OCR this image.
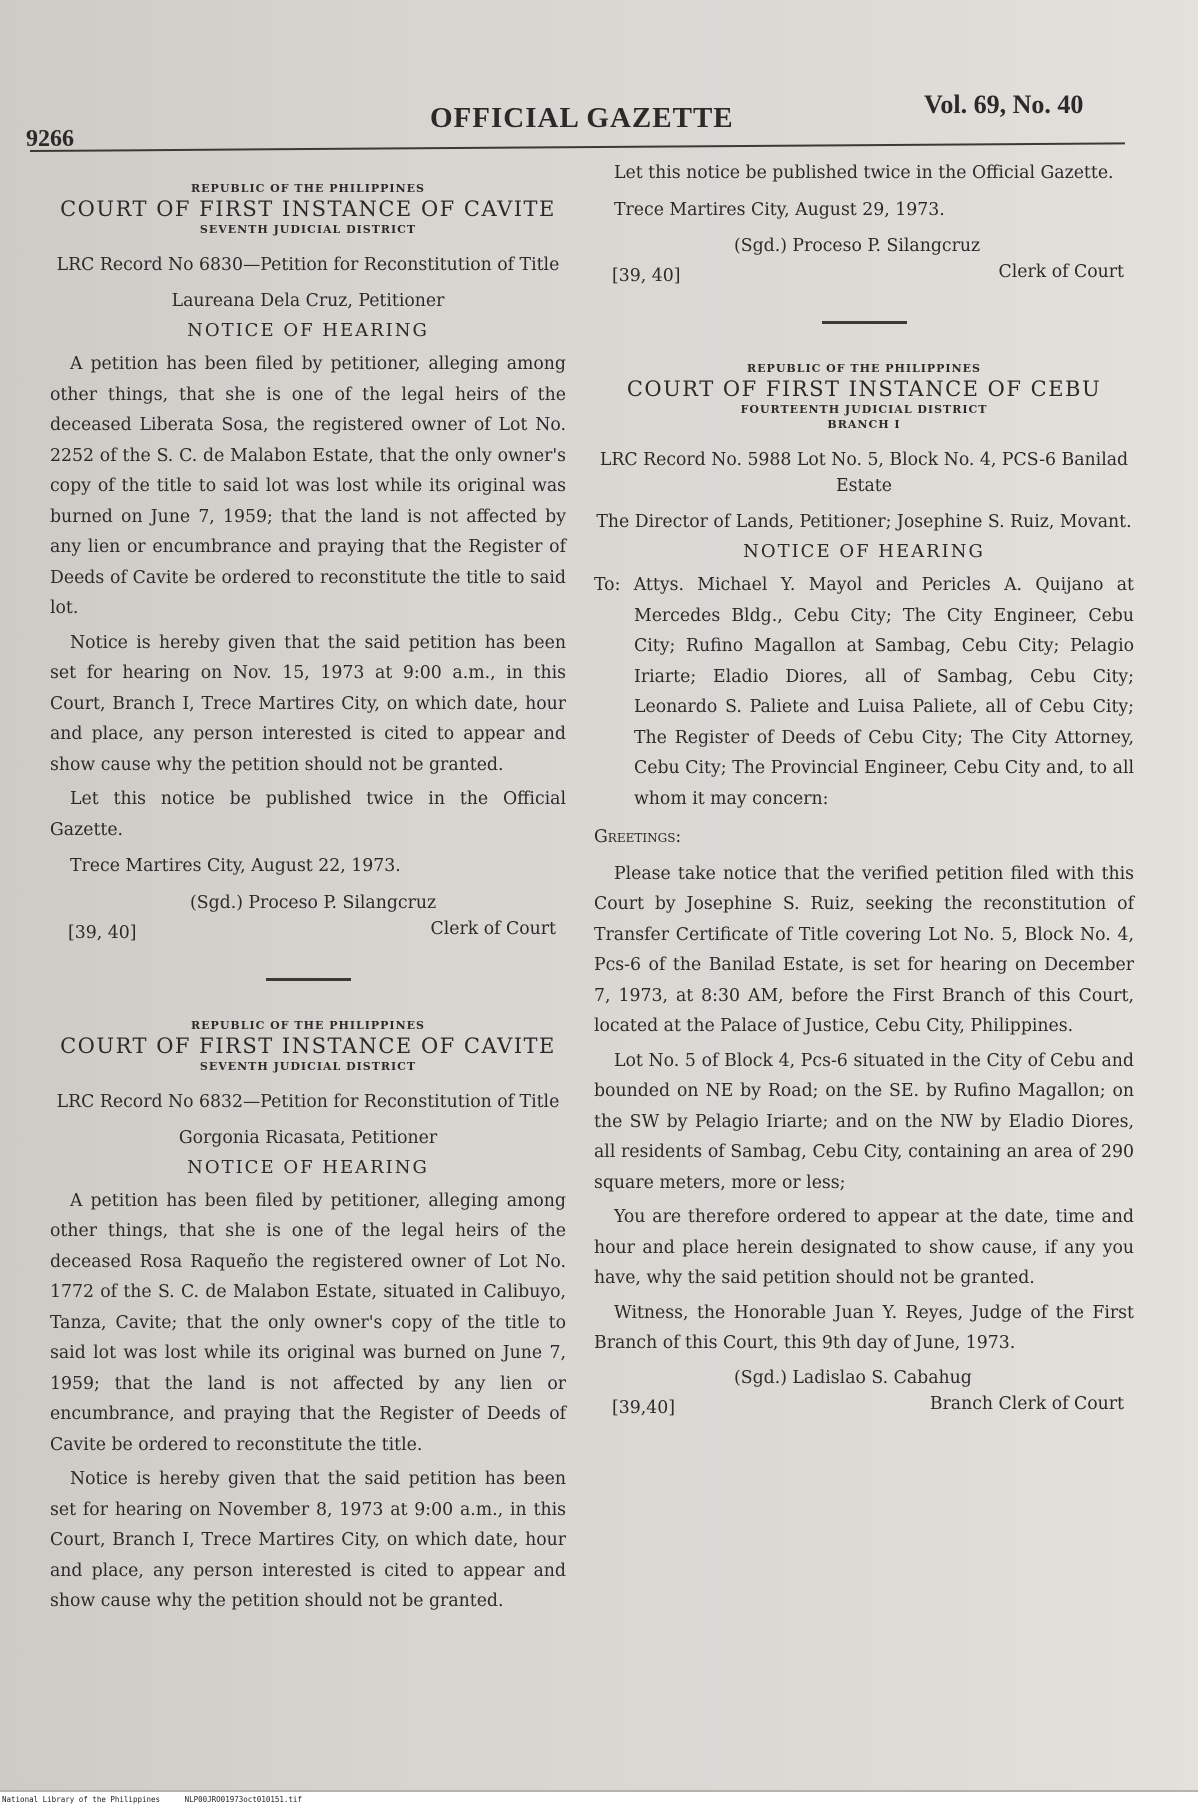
9266
OFFICIAL GAZETTE	Vol. 69, No. 40
REPUBLIC OF THE PHILIPPINES
COURT OF FIRST INSTANCE OF CAVITE
SEVENTH JUDICIAL DISTRICT
LRC Record No 6830—Petition for Reconstitution of Title
Laureana Dela Cruz, Petitioner
NOTICE OF HEARING

A petition has been filed by petitioner, alleging among other things, that she is one of the legal heirs of the deceased Liberata Sosa, the registered owner of Lot No. 2252 of the S. C. de Malabon Estate, that the only owner's copy of the title to said lot was lost while its original was burned on June 7, 1959; that the land is not affected by any lien or encumbrance and praying that the Register of Deeds of Cavite be ordered to reconstitute the title to said lot.

Notice is hereby given that the said petition has been set for hearing on Nov. 15, 1973 at 9:00 a.m., in this Court, Branch I, Trece Martires City, on which date, hour and place, any person interested is cited to appear and show cause why the petition should not be granted.

Let this notice be published twice in the Official Gazette.

Trece Martires City, August 22, 1973.
(Sgd.) Proceso P. Silangcruz
Clerk of Court
[39, 40]
REPUBLIC OF THE PHILIPPINES
COURT OF FIRST INSTANCE OF CAVITE
SEVENTH JUDICIAL DISTRICT
LRC Record No 6832—Petition for Reconstitution of Title
Gorgonia Ricasata, Petitioner
NOTICE OF HEARING

A petition has been filed by petitioner, alleging among other things, that she is one of the legal heirs of the deceased Rosa Raqueño the registered owner of Lot No. 1772 of the S. C. de Malabon Estate, situated in Calibuyo, Tanza, Cavite; that the only owner's copy of the title to said lot was lost while its original was burned on June 7, 1959; that the land is not affected by any lien or encumbrance, and praying that the Register of Deeds of Cavite be ordered to reconstitute the title.

Notice is hereby given that the said petition has been set for hearing on November 8, 1973 at 9:00 a.m., in this Court, Branch I, Trece Martires City, on which date, hour and place, any person interested is cited to appear and show cause why the petition should not be granted.

Let this notice be published twice in the Official Gazette.

Trece Martires City, August 29, 1973.
(Sgd.) Proceso P. Silangcruz
Clerk of Court
[39, 40]
REPUBLIC OF THE PHILIPPINES
COURT OF FIRST INSTANCE OF CEBU
FOURTEENTH JUDICIAL DISTRICT
BRANCH I
LRC Record No. 5988 Lot No. 5, Block No. 4, PCS-6 Banilad Estate
The Director of Lands, Petitioner; Josephine S. Ruiz, Movant.
NOTICE OF HEARING
To: Attys. Michael Y. Mayol and Pericles A. Quijano at Mercedes Bldg., Cebu City; The City Engineer, Cebu City; Rufino Magallon at Sambag, Cebu City; Pelagio Iriarte; Eladio Diores, all of Sambag, Cebu City; Leonardo S. Paliete and Luisa Paliete, all of Cebu City; The Register of Deeds of Cebu City; The City Attorney, Cebu City; The Provincial Engineer, Cebu City and, to all whom it may concern:
Greetings:

Please take notice that the verified petition filed with this Court by Josephine S. Ruiz, seeking the reconstitution of Transfer Certificate of Title covering Lot No. 5, Block No. 4, Pcs-6 of the Banilad Estate, is set for hearing on December 7, 1973, at 8:30 AM, before the First Branch of this Court, located at the Palace of Justice, Cebu City, Philippines.

Lot No. 5 of Block 4, Pcs-6 situated in the City of Cebu and bounded on NE by Road; on the SE. by Rufino Magallon; on the SW by Pelagio Iriarte; and on the NW by Eladio Diores, all residents of Sambag, Cebu City, containing an area of 290 square meters, more or less;

You are therefore ordered to appear at the date, time and hour and place herein designated to show cause, if any you have, why the said petition should not be granted.

Witness, the Honorable Juan Y. Reyes, Judge of the First Branch of this Court, this 9th day of June, 1973.

(Sgd.) Ladislao S. Cabahug
Branch Clerk of Court
[39,40]
National Library of the Philippines	NLP00JRO01973oct010151.tif
